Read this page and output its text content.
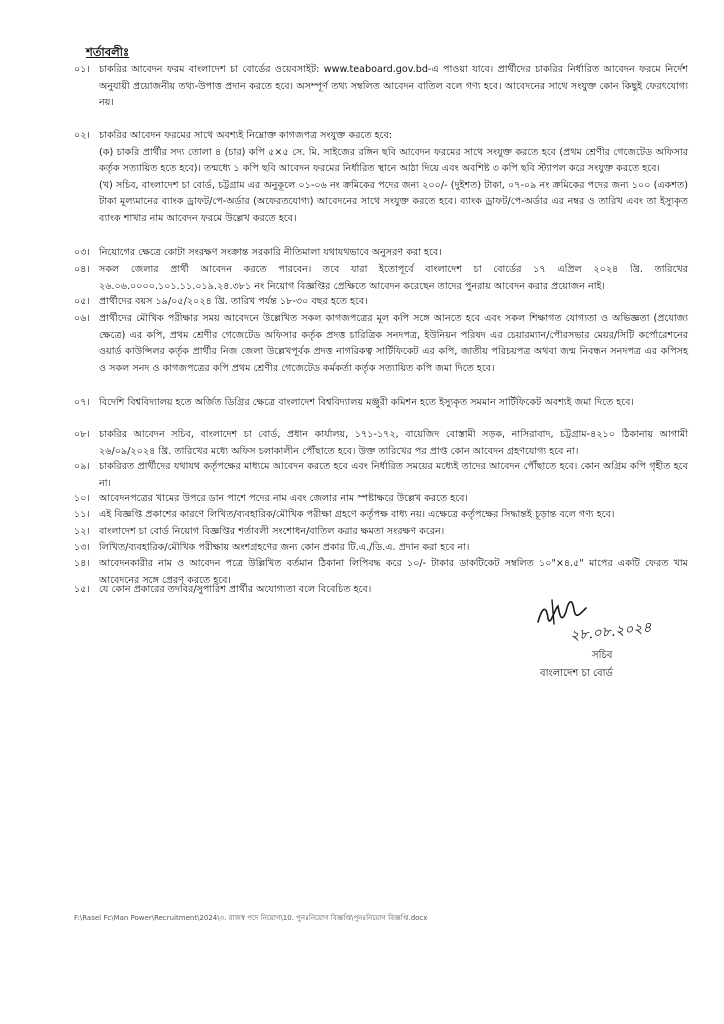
শর্তাবলীঃ
০১। চাকরির আবেদন ফরম বাংলাদেশ চা বোর্ডের ওয়েবসাইট: www.teaboard.gov.bd-এ পাওয়া যাবে। প্রার্থীদের চাকরির নির্ধারিত আবেদন ফরমে নির্দেশ অনুযায়ী প্রয়োজনীয় তথ্য-উপাত্ত প্রদান করতে হবে। অসম্পূর্ণ তথ্য সম্বলিত আবেদন বাতিল বলে গণ্য হবে। আবেদনের সাথে সংযুক্ত কোন কিছুই ফেরৎযোগ্য নয়।
০২। চাকরির আবেদন ফরমের সাথে অবশ্যই নিম্নোক্ত কাগজপত্র সংযুক্ত করতে হবে:
(ক) চাকরি প্রার্থীর সদ্য তোলা ৪ (চার) কপি ৫×৫ সে. মি. সাইজের রঙ্গিন ছবি আবেদন ফরমের সাথে সংযুক্ত করতে হবে (প্রথম শ্রেণীর গেজেটেড অফিসার কর্তৃক সত্যায়িত হতে হবে)। তন্মধ্যে ১ কপি ছবি আবেদন ফরমের নির্ধারিত স্থানে আঠা দিয়ে এবং অবশিষ্ট ৩ কপি ছবি স্ট্যাপল করে সংযুক্ত করতে হবে।
(খ) সচিব, বাংলাদেশ চা বোর্ড, চট্টগ্রাম এর অনুকূলে ০১-০৬ নং ক্রমিকের পদের জন্য ২০০/- (দুইশত) টাকা, ০৭-০৯ নং ক্রমিকের পদের জন্য ১০০ (একশত) টাকা মূল্যমানের ব্যাংক ড্রাফট/পে-অর্ডার (অফেরতযোগ্য) আবেদনের সাথে সংযুক্ত করতে হবে। ব্যাংক ড্রাফট/পে-অর্ডার এর নম্বর ও তারিখ এবং তা ইস্যুকৃত ব্যাংক শাখার নাম আবেদন ফরমে উল্লেখ করতে হবে।
০৩। নিয়োগের ক্ষেত্রে কোটা সংরক্ষণ সংক্রান্ত সরকারি নীতিমালা যথাযথভাবে অনুসরণ করা হবে।
০৪। সকল জেলার প্রার্থী আবেদন করতে পারবেন। তবে যারা ইতোপূর্বে বাংলাদেশ চা বোর্ডের ১৭ এপ্রিল ২০২৪ খ্রি. তারিখের ২৬.০৬.০০০০.১০১.১১.০১৯.২৪.৩৮১ নং নিয়োগ বিজ্ঞপ্তির প্রেক্ষিতে আবেদন করেছেন তাদের পুনরায় আবেদন করার প্রয়োজন নাই।
০৫। প্রার্থীদের বয়স ১৯/০৫/২০২৪ খ্রি. তারিখ পর্যন্ত ১৮-৩০ বছর হতে হবে।
০৬। প্রার্থীদের মৌখিক পরীক্ষার সময় আবেদনে উল্লেখিত সকল কাগজপত্রের মূল কপি সঙ্গে আনতে হবে এবং সকল শিক্ষাগত যোগ্যতা ও অভিজ্ঞতা (প্রযোজ্য ক্ষেত্রে) এর কপি, প্রথম শ্রেণীর গেজেটেড অফিসার কর্তৃক প্রদত্ত চারিত্রিক সনদপত্র, ইউনিয়ন পরিষদ এর চেয়ারম্যান/পৌরসভার মেয়র/সিটি কর্পোরেশনের ওয়ার্ড কাউন্সিলর কর্তৃক প্রার্থীর নিজ জেলা উল্লেখপূর্বক প্রদত্ত নাগরিকত্ব সার্টিফিকেট এর কপি, জাতীয় পরিচয়পত্র অথবা জন্ম নিবন্ধন সনদপত্র এর কপিসহ ও সকল সনদ ও কাগজপত্রের কপি প্রথম শ্রেণীর গেজেটেড কর্মকর্তা কর্তৃক সত্যায়িত কপি জমা দিতে হবে।
০৭। বিদেশি বিশ্ববিদ্যালয় হতে অর্জিত ডিগ্রির ক্ষেত্রে বাংলাদেশ বিশ্ববিদ্যালয় মঞ্জুরী কমিশন হতে ইস্যুকৃত সমমান সার্টিফিকেট অবশ্যই জমা দিতে হবে।
০৮। চাকরির আবেদন সচিব, বাংলাদেশ চা বোর্ড, প্রধান কার্যালয়, ১৭১-১৭২, বায়েজিদ বোস্তামী সড়ক, নাসিরাবাদ, চট্টগ্রাম-৪২১০ ঠিকানায় আগামী ২৬/০৯/২০২৪ খ্রি. তারিখের মধ্যে অফিস চলাকালীন পৌঁছাতে হবে। উক্ত তারিখের পর প্রাপ্ত কোন আবেদন গ্রহণযোগ্য হবে না।
০৯। চাকরিরত প্রার্থীদের যথাযথ কর্তৃপক্ষের মাধ্যমে আবেদন করতে হবে এবং নির্ধারিত সময়ের মধ্যেই তাদের আবেদন পৌঁছাতে হবে। কোন অগ্রিম কপি গৃহীত হবে না।
১০। আবেদনপত্রের খামের উপরে ডান পাশে পদের নাম এবং জেলার নাম স্পষ্টাক্ষরে উল্লেখ করতে হবে।
১১। এই বিজ্ঞপ্তি প্রকাশের কারণে লিখিত/ব্যবহারিক/মৌখিক পরীক্ষা গ্রহণে কর্তৃপক্ষ বাধ্য নয়। এক্ষেত্রে কর্তৃপক্ষের সিদ্ধান্তই চূড়ান্ত বলে গণ্য হবে।
১২। বাংলাদেশ চা বোর্ড নিয়োগ বিজ্ঞপ্তির শর্তাবলী সংশোধন/বাতিল করার ক্ষমতা সংরক্ষণ করেন।
১৩। লিখিত/ব্যবহারিক/মৌখিক পরীক্ষায় অংশগ্রহণের জন্য কোন প্রকার টি.এ./ডি.এ. প্রদান করা হবে না।
১৪। আবেদনকারীর নাম ও আবেদন পত্রে উল্লিখিত বর্তমান ঠিকানা লিপিবদ্ধ করে ১০/- টাকার ডাকটিকেট সম্বলিত ১০"×৪.৫" মাপের একটি ফেরত খাম আবেদনের সঙ্গে প্রেরণ করতে হবে।
১৫। যে কোন প্রকারের তদবির/সুপারিশ প্রার্থীর অযোগ্যতা বলে বিবেচিত হবে।
২৮.০৮.২০২৪
সচিব
বাংলাদেশ চা বোর্ড
F:\Rasel Fc\Man Power\Recruitment\2024\৩. রাজস্ব পদে নিয়োগ\10. পুনঃনিয়োগ বিজ্ঞপ্তি\পুনঃনিয়োগ বিজ্ঞপ্তি.docx
